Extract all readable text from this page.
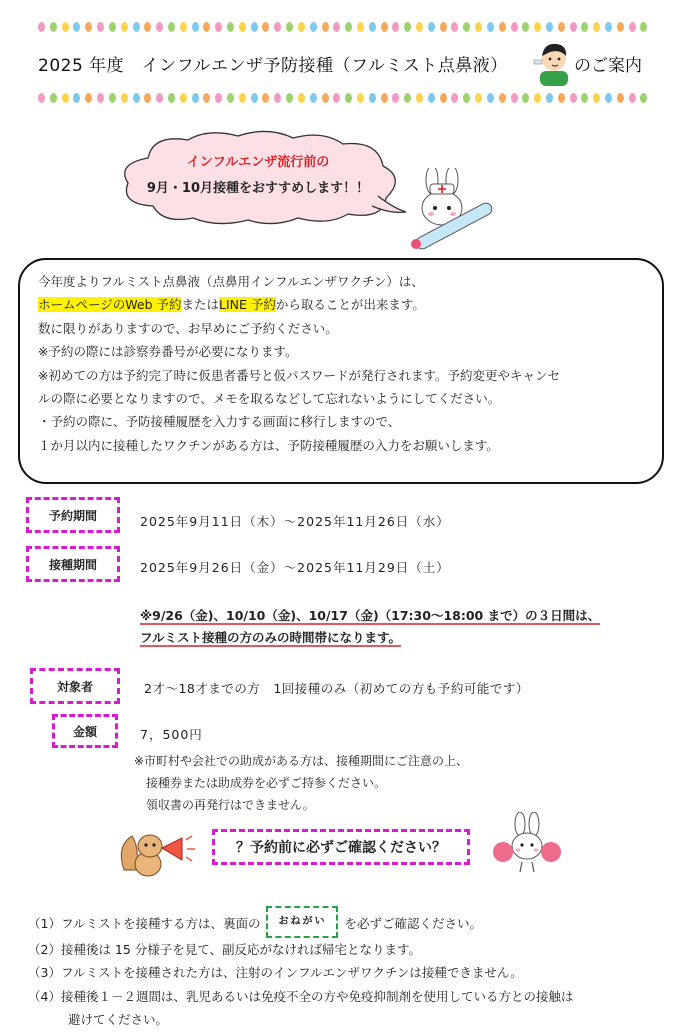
2025 年度　インフルエンザ予防接種（フルミスト点鼻液）	のご案内
インフルエンザ流行前の
9月・10月接種をおすすめします！！
今年度よりフルミスト点鼻液（点鼻用インフルエンザワクチン）は、
ホームページのWeb 予約またはLINE 予約から取ることが出来ます。
数に限りがありますので、お早めにご予約ください。
※予約の際には診察券番号が必要になります。
※初めての方は予約完了時に仮患者番号と仮パスワードが発行されます。予約変更やキャンセ
ルの際に必要となりますので、メモを取るなどして忘れないようにしてください。
・予約の際に、予防接種履歴を入力する画面に移行しますので、
１か月以内に接種したワクチンがある方は、予防接種履歴の入力をお願いします。
予約期間	2025年9月11日（木）～2025年11月26日（水）
接種期間	2025年9月26日（金）～2025年11月29日（土）
※9/26（金)、10/10（金)、10/17（金)（17:30～18:00 まで）の３日間は、
フルミスト接種の方のみの時間帯になります。
対象者	2才～18才までの方　1回接種のみ（初めての方も予約可能です）
金額	7，500円
※市町村や会社での助成がある方は、接種期間にご注意の上、
接種券または助成券を必ずご持参ください。
領収書の再発行はできません。
？予約前に必ずご確認ください？
（1）フルミストを接種する方は、裏面の おねがい を必ずご確認ください。
（2）接種後は 15 分様子を見て、副反応がなければ帰宅となります。
（3）フルミストを接種された方は、注射のインフルエンザワクチンは接種できません。
（4）接種後１－２週間は、乳児あるいは免疫不全の方や免疫抑制剤を使用している方との接触は
避けてください。
